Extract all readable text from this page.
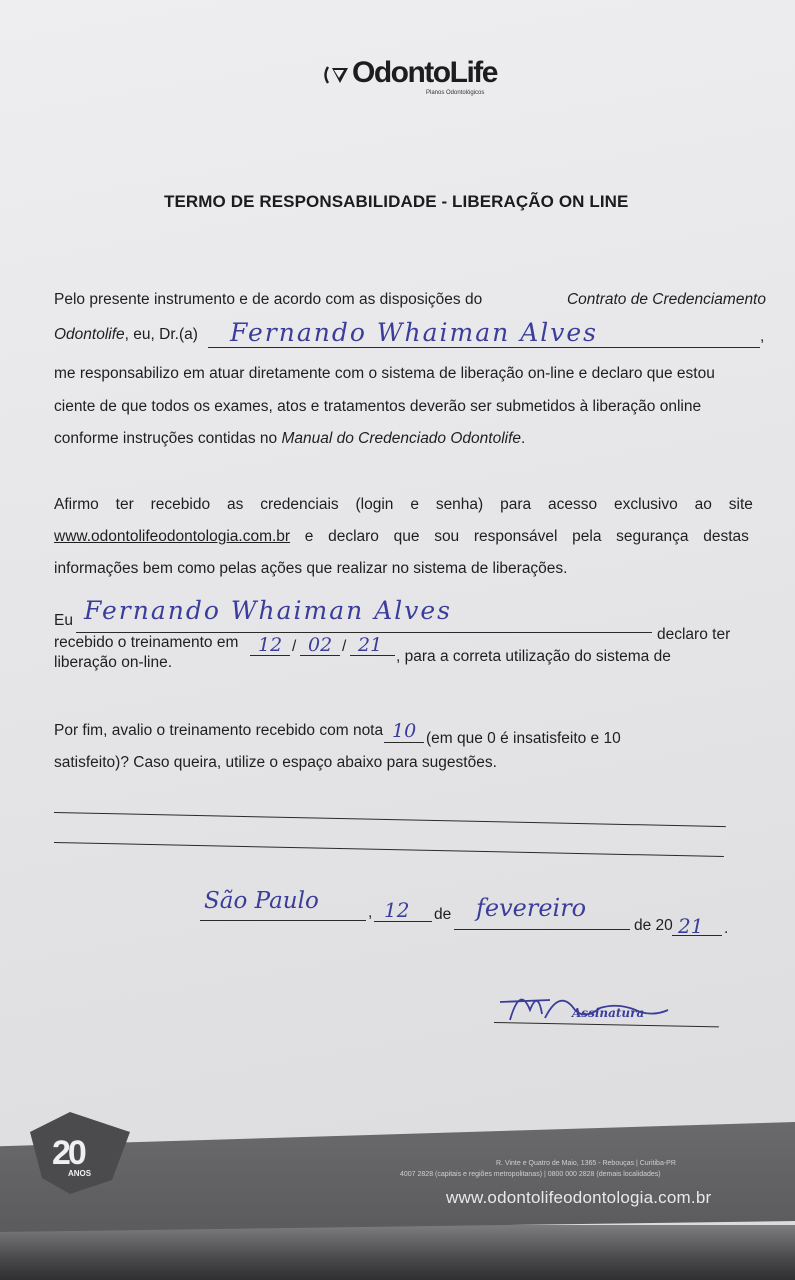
OdontoLife
Planos Odontológicos
TERMO DE RESPONSABILIDADE - LIBERAÇÃO ON LINE
Pelo presente instrumento e de acordo com as disposições do	Contrato de Credenciamento
Odontolife, eu, Dr.(a)	,
Fernando Whaiman Alves
me responsabilizo em atuar diretamente com o sistema de liberação on-line e declaro que estou
ciente de que todos os exames, atos e tratamentos deverão ser submetidos à liberação online
conforme instruções contidas no Manual do Credenciado Odontolife.
Afirmo ter recebido as credenciais (login e senha) para acesso exclusivo ao site
www.odontolifeodontologia.com.br e declaro que sou responsável pela segurança destas
informações bem como pelas ações que realizar no sistema de liberações.
Eu Fernando Whaiman Alves
declaro ter
recebido o treinamento em	/	/
12 02 21
, para a correta utilização do sistema de
liberação on-line.
Por fim, avalio o treinamento recebido com nota 10 (em que 0 é insatisfeito e 10
satisfeito)? Caso queira, utilize o espaço abaixo para sugestões.
São Paulo	, 12 de fevereiro
de 20 21 .
Assinatura
20
ANOS
R. Vinte e Quatro de Maio, 1365 - Rebouças | Curitiba-PR
4007 2828 (capitais e regiões metropolitanas) | 0800 000 2828 (demais localidades)
www.odontolifeodontologia.com.br
